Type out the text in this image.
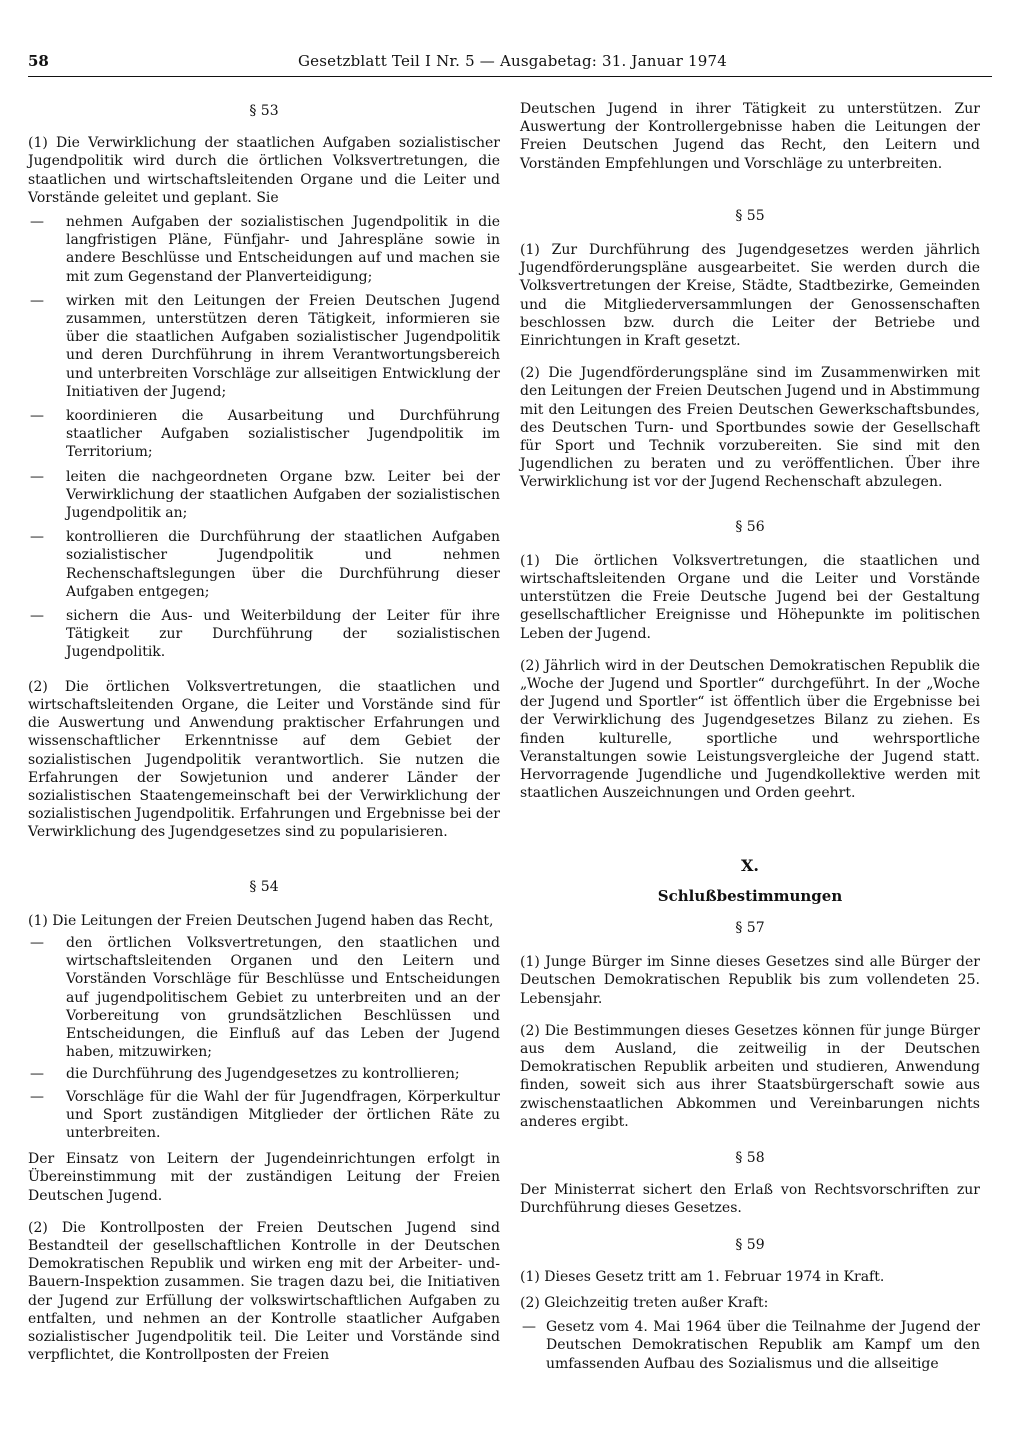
58	Gesetzblatt Teil I Nr. 5 — Ausgabetag: 31. Januar 1974

§ 53

(1) Die Verwirklichung der staatlichen Aufgaben sozialistischer Jugendpolitik wird durch die örtlichen Volksvertretungen, die staatlichen und wirtschaftsleitenden Organe und die Leiter und Vorstände geleitet und geplant. Sie

— nehmen Aufgaben der sozialistischen Jugendpolitik in die langfristigen Pläne, Fünfjahr- und Jahrespläne sowie in andere Beschlüsse und Entscheidungen auf und machen sie mit zum Gegenstand der Planverteidigung;

— wirken mit den Leitungen der Freien Deutschen Jugend zusammen, unterstützen deren Tätigkeit, informieren sie über die staatlichen Aufgaben sozialistischer Jugendpolitik und deren Durchführung in ihrem Verantwortungsbereich und unterbreiten Vorschläge zur allseitigen Entwicklung der Initiativen der Jugend;

— koordinieren die Ausarbeitung und Durchführung staatlicher Aufgaben sozialistischer Jugendpolitik im Territorium;

— leiten die nachgeordneten Organe bzw. Leiter bei der Verwirklichung der staatlichen Aufgaben der sozialistischen Jugendpolitik an;

— kontrollieren die Durchführung der staatlichen Aufgaben sozialistischer Jugendpolitik und nehmen Rechenschaftslegungen über die Durchführung dieser Aufgaben entgegen;

— sichern die Aus- und Weiterbildung der Leiter für ihre Tätigkeit zur Durchführung der sozialistischen Jugendpolitik.

(2) Die örtlichen Volksvertretungen, die staatlichen und wirtschaftsleitenden Organe, die Leiter und Vorstände sind für die Auswertung und Anwendung praktischer Erfahrungen und wissenschaftlicher Erkenntnisse auf dem Gebiet der sozialistischen Jugendpolitik verantwortlich. Sie nutzen die Erfahrungen der Sowjetunion und anderer Länder der sozialistischen Staatengemeinschaft bei der Verwirklichung der sozialistischen Jugendpolitik. Erfahrungen und Ergebnisse bei der Verwirklichung des Jugendgesetzes sind zu popularisieren.

§ 54

(1) Die Leitungen der Freien Deutschen Jugend haben das Recht,

— den örtlichen Volksvertretungen, den staatlichen und wirtschaftsleitenden Organen und den Leitern und Vorständen Vorschläge für Beschlüsse und Entscheidungen auf jugendpolitischem Gebiet zu unterbreiten und an der Vorbereitung von grundsätzlichen Beschlüssen und Entscheidungen, die Einfluß auf das Leben der Jugend haben, mitzuwirken;

— die Durchführung des Jugendgesetzes zu kontrollieren;

— Vorschläge für die Wahl der für Jugendfragen, Körperkultur und Sport zuständigen Mitglieder der örtlichen Räte zu unterbreiten.

Der Einsatz von Leitern der Jugendeinrichtungen erfolgt in Übereinstimmung mit der zuständigen Leitung der Freien Deutschen Jugend.

(2) Die Kontrollposten der Freien Deutschen Jugend sind Bestandteil der gesellschaftlichen Kontrolle in der Deutschen Demokratischen Republik und wirken eng mit der Arbeiter- und-Bauern-Inspektion zusammen. Sie tragen dazu bei, die Initiativen der Jugend zur Erfüllung der volkswirtschaftlichen Aufgaben zu entfalten, und nehmen an der Kontrolle staatlicher Aufgaben sozialistischer Jugendpolitik teil. Die Leiter und Vorstände sind verpflichtet, die Kontrollposten der Freien

Deutschen Jugend in ihrer Tätigkeit zu unterstützen. Zur Auswertung der Kontrollergebnisse haben die Leitungen der Freien Deutschen Jugend das Recht, den Leitern und Vorständen Empfehlungen und Vorschläge zu unterbreiten.

§ 55

(1) Zur Durchführung des Jugendgesetzes werden jährlich Jugendförderungspläne ausgearbeitet. Sie werden durch die Volksvertretungen der Kreise, Städte, Stadtbezirke, Gemeinden und die Mitgliederversammlungen der Genossenschaften beschlossen bzw. durch die Leiter der Betriebe und Einrichtungen in Kraft gesetzt.

(2) Die Jugendförderungspläne sind im Zusammenwirken mit den Leitungen der Freien Deutschen Jugend und in Abstimmung mit den Leitungen des Freien Deutschen Gewerkschaftsbundes, des Deutschen Turn- und Sportbundes sowie der Gesellschaft für Sport und Technik vorzubereiten. Sie sind mit den Jugendlichen zu beraten und zu veröffentlichen. Über ihre Verwirklichung ist vor der Jugend Rechenschaft abzulegen.

§ 56

(1) Die örtlichen Volksvertretungen, die staatlichen und wirtschaftsleitenden Organe und die Leiter und Vorstände unterstützen die Freie Deutsche Jugend bei der Gestaltung gesellschaftlicher Ereignisse und Höhepunkte im politischen Leben der Jugend.

(2) Jährlich wird in der Deutschen Demokratischen Republik die „Woche der Jugend und Sportler“ durchgeführt. In der „Woche der Jugend und Sportler“ ist öffentlich über die Ergebnisse bei der Verwirklichung des Jugendgesetzes Bilanz zu ziehen. Es finden kulturelle, sportliche und wehrsportliche Veranstaltungen sowie Leistungsvergleiche der Jugend statt. Hervorragende Jugendliche und Jugendkollektive werden mit staatlichen Auszeichnungen und Orden geehrt.

X.

Schlußbestimmungen

§ 57

(1) Junge Bürger im Sinne dieses Gesetzes sind alle Bürger der Deutschen Demokratischen Republik bis zum vollendeten 25. Lebensjahr.

(2) Die Bestimmungen dieses Gesetzes können für junge Bürger aus dem Ausland, die zeitweilig in der Deutschen Demokratischen Republik arbeiten und studieren, Anwendung finden, soweit sich aus ihrer Staatsbürgerschaft sowie aus zwischenstaatlichen Abkommen und Vereinbarungen nichts anderes ergibt.

§ 58

Der Ministerrat sichert den Erlaß von Rechtsvorschriften zur Durchführung dieses Gesetzes.

§ 59

(1) Dieses Gesetz tritt am 1. Februar 1974 in Kraft.

(2) Gleichzeitig treten außer Kraft:

— Gesetz vom 4. Mai 1964 über die Teilnahme der Jugend der Deutschen Demokratischen Republik am Kampf um den umfassenden Aufbau des Sozialismus und die allseitige
